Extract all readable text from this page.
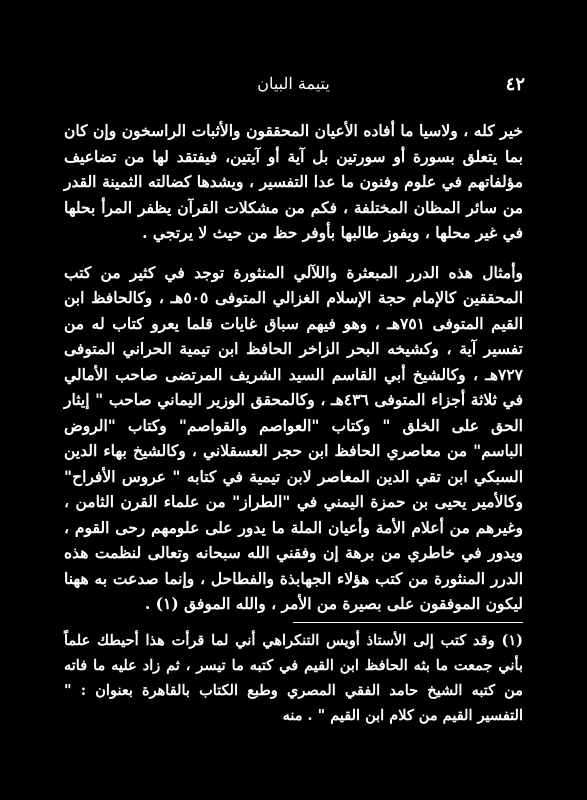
٤٢
يتيمة البيان

خير كله ، ولاسيا ما أفاده الأعيان المحققون والأثبات الراسخون وإن كان بما يتعلق بسورة أو سورتين بل آية أو آيتين، فيفتقد لها من تضاعيف مؤلفاتهم في علوم وفنون ما عدا التفسير ، ويشدها كضالته الثمينة القدر من سائر المظان المختلفة ، فكم من مشكلات القرآن يظفر المرأ بحلها في غير محلها ، ويفوز طالبها بأوفر حظ من حيث لا يرتجي .

وأمثال هذه الدرر المبعثرة واللآلي المنثورة توجد في كثير من كتب المحققين كالإمام حجة الإسلام الغزالي المتوفى ٥٠٥هـ ، وكالحافظ ابن القيم المتوفى ٧٥١هـ ، وهو فيهم سباق غايات قلما يعرو كتاب له من تفسير آية ، وكشيخه البحر الزاخر الحافظ ابن تيمية الحراني المتوفى ٧٢٧هـ ، وكالشيخ أبي القاسم السيد الشريف المرتضى صاحب الأمالي في ثلاثة أجزاء المتوفى ٤٣٦هـ ، وكالمحقق الوزير اليماني صاحب " إيثار الحق على الخلق " وكتاب "العواصم والقواصم" وكتاب "الروض الباسم" من معاصري الحافظ ابن حجر العسقلاني ، وكالشيخ بهاء الدين السبكي ابن تقي الدين المعاصر لابن تيمية في كتابه " عروس الأفراح" وكالأمير يحيى بن حمزة اليمني في "الطراز" من علماء القرن الثامن ، وغيرهم من أعلام الأمة وأعيان الملة ما يدور على علومهم رحى القوم ، ويدور في خاطري من برهة إن وفقني الله سبحانه وتعالى لنظمت هذه الدرر المنثورة من كتب هؤلاء الجهابذة والفطاحل ، وإنما صدعت به ههنا ليكون الموفقون على بصيرة من الأمر ، والله الموفق (١) .

(١) وقد كتب إلى الأستاذ أويس التنكراهي أني لما قرأت هذا أحيطك علماً بأني جمعت ما بثه الحافظ ابن القيم في كتبه ما تيسر ، ثم زاد عليه ما فاته من كتبه الشيخ حامد الفقي المصري وطبع الكتاب بالقاهرة بعنوان : " التفسير القيم من كلام ابن القيم " . منه
